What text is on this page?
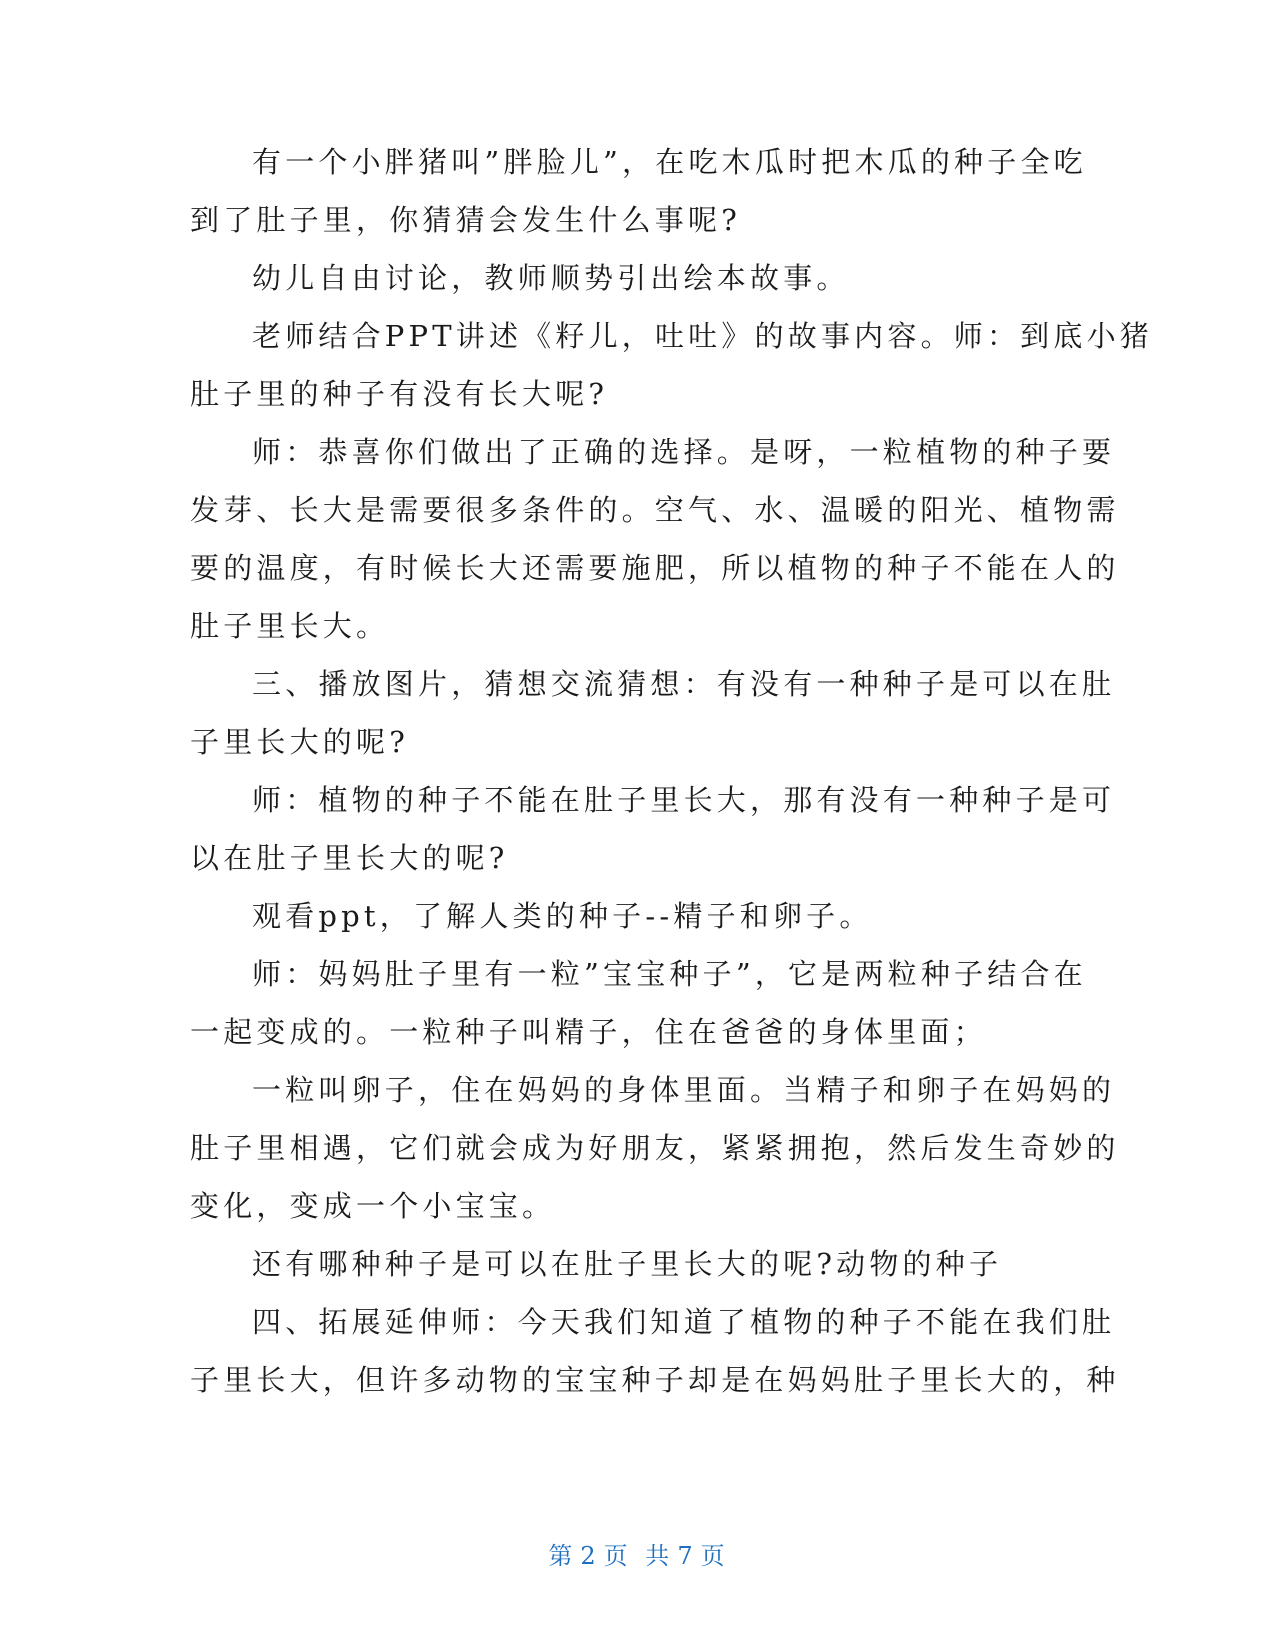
有一个小胖猪叫”胖脸儿”，在吃木瓜时把木瓜的种子全吃
到了肚子里，你猜猜会发生什么事呢?
幼儿自由讨论，教师顺势引出绘本故事。
老师结合PPT讲述《籽儿，吐吐》的故事内容。师：到底小猪
肚子里的种子有没有长大呢?
师：恭喜你们做出了正确的选择。是呀，一粒植物的种子要
发芽、长大是需要很多条件的。空气、水、温暖的阳光、植物需
要的温度，有时候长大还需要施肥，所以植物的种子不能在人的
肚子里长大。
三、播放图片，猜想交流猜想：有没有一种种子是可以在肚
子里长大的呢?
师：植物的种子不能在肚子里长大，那有没有一种种子是可
以在肚子里长大的呢?
观看ppt，了解人类的种子--精子和卵子。
师：妈妈肚子里有一粒”宝宝种子”，它是两粒种子结合在
一起变成的。一粒种子叫精子，住在爸爸的身体里面；
一粒叫卵子，住在妈妈的身体里面。当精子和卵子在妈妈的
肚子里相遇，它们就会成为好朋友，紧紧拥抱，然后发生奇妙的
变化，变成一个小宝宝。
还有哪种种子是可以在肚子里长大的呢?动物的种子
四、拓展延伸师：今天我们知道了植物的种子不能在我们肚
子里长大，但许多动物的宝宝种子却是在妈妈肚子里长大的，种
第 2 页 共 7 页
